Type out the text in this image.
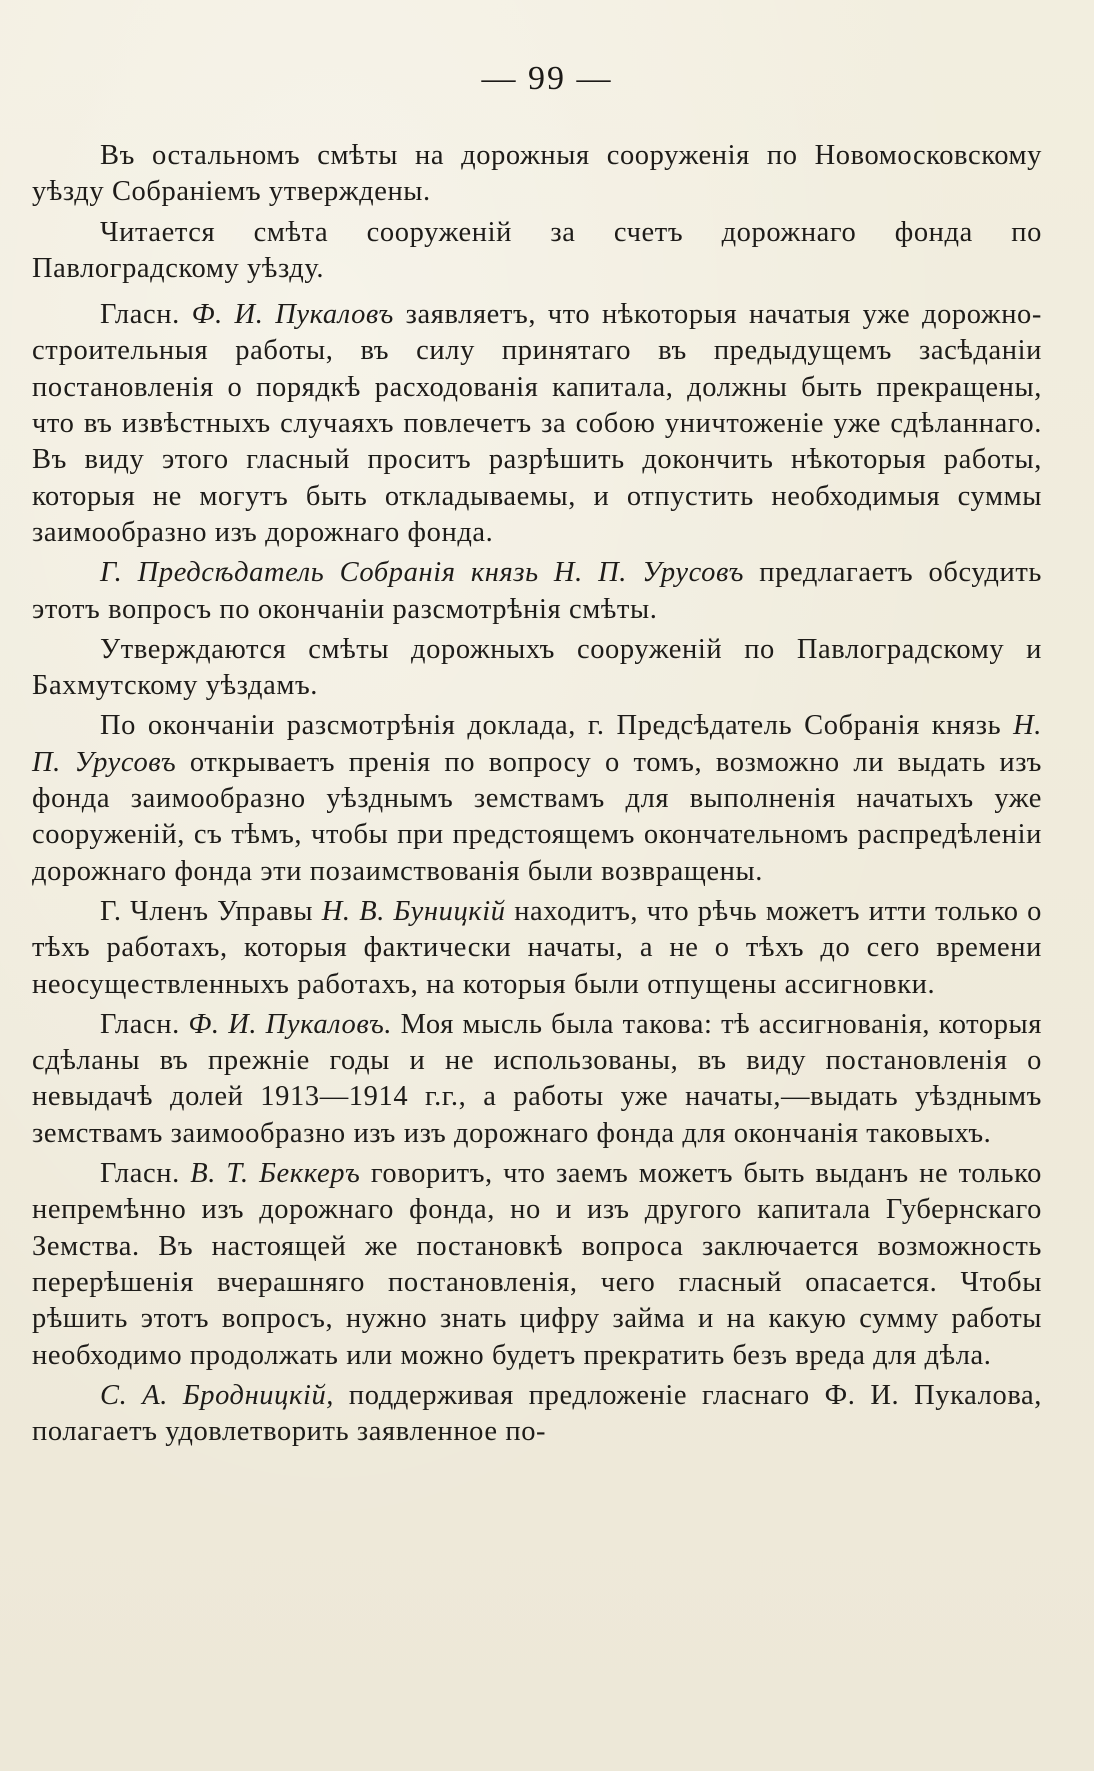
— 99 —

Въ остальномъ смѣты на дорожныя сооруженія по Новомосковскому уѣзду Собраніемъ утверждены.

Читается смѣта сооруженій за счетъ дорожнаго фонда по Павлоградскому уѣзду.

Гласн. Ф. И. Пукаловъ заявляетъ, что нѣкоторыя начатыя уже дорожно-строительныя работы, въ силу принятаго въ предыдущемъ засѣданіи постановленія о порядкѣ расходованія капитала, должны быть прекращены, что въ извѣстныхъ случаяхъ повлечетъ за собою уничтоженіе уже сдѣланнаго. Въ виду этого гласный проситъ разрѣшить докончить нѣкоторыя работы, которыя не могутъ быть откладываемы, и отпустить необходимыя суммы заимообразно изъ дорожнаго фонда.

Г. Предсѣдатель Собранія князь Н. П. Урусовъ предлагаетъ обсудить этотъ вопросъ по окончаніи разсмотрѣнія смѣты.

Утверждаются смѣты дорожныхъ сооруженій по Павлоградскому и Бахмутскому уѣздамъ.

По окончаніи разсмотрѣнія доклада, г. Предсѣдатель Собранія князь Н. П. Урусовъ открываетъ пренія по вопросу о томъ, возможно ли выдать изъ фонда заимообразно уѣзднымъ земствамъ для выполненія начатыхъ уже сооруженій, съ тѣмъ, чтобы при предстоящемъ окончательномъ распредѣленіи дорожнаго фонда эти позаимствованія были возвращены.

Г. Членъ Управы Н. В. Буницкій находитъ, что рѣчь можетъ итти только о тѣхъ работахъ, которыя фактически начаты, а не о тѣхъ до сего времени неосуществленныхъ работахъ, на которыя были отпущены ассигновки.

Гласн. Ф. И. Пукаловъ. Моя мысль была такова: тѣ ассигнованія, которыя сдѣланы въ прежніе годы и не использованы, въ виду постановленія о невыдачѣ долей 1913—1914 г.г., а работы уже начаты,—выдать уѣзднымъ земствамъ заимообразно изъ изъ дорожнаго фонда для окончанія таковыхъ.

Гласн. В. Т. Беккеръ говоритъ, что заемъ можетъ быть выданъ не только непремѣнно изъ дорожнаго фонда, но и изъ другого капитала Губернскаго Земства. Въ настоящей же постановкѣ вопроса заключается возможность перерѣшенія вчерашняго постановленія, чего гласный опасается. Чтобы рѣшить этотъ вопросъ, нужно знать цифру займа и на какую сумму работы необходимо продолжать или можно будетъ прекратить безъ вреда для дѣла.

С. А. Бродницкій, поддерживая предложеніе гласнаго Ф. И. Пукалова, полагаетъ удовлетворить заявленное по-
